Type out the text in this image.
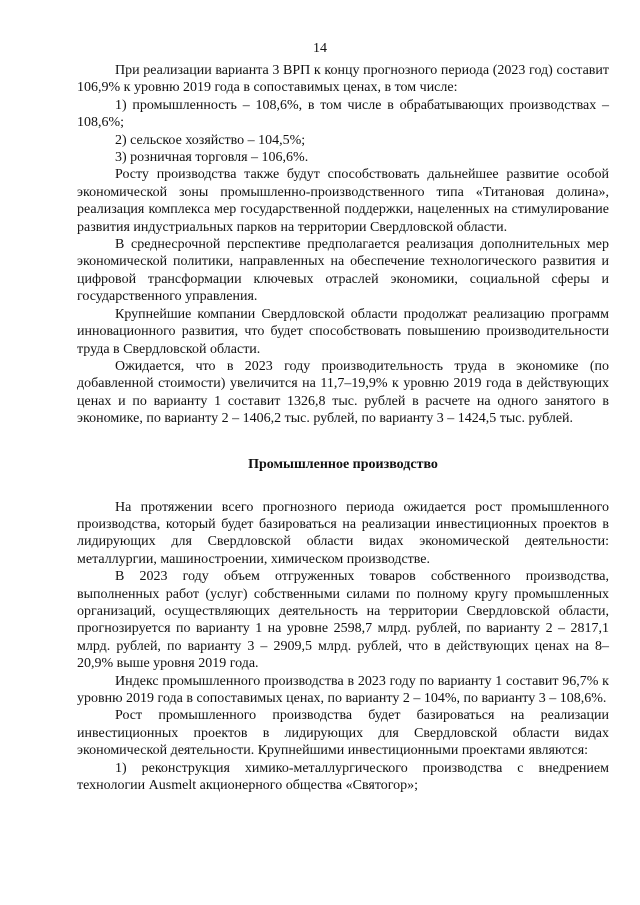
14

При реализации варианта 3 ВРП к концу прогнозного периода (2023 год) составит 106,9% к уровню 2019 года в сопоставимых ценах, в том числе:

1) промышленность – 108,6%, в том числе в обрабатывающих производствах – 108,6%;

2) сельское хозяйство – 104,5%;

3) розничная торговля – 106,6%.

Росту производства также будут способствовать дальнейшее развитие особой экономической зоны промышленно-производственного типа «Титановая долина», реализация комплекса мер государственной поддержки, нацеленных на стимулирование развития индустриальных парков на территории Свердловской области.

В среднесрочной перспективе предполагается реализация дополнительных мер экономической политики, направленных на обеспечение технологического развития и цифровой трансформации ключевых отраслей экономики, социальной сферы и государственного управления.

Крупнейшие компании Свердловской области продолжат реализацию программ инновационного развития, что будет способствовать повышению производительности труда в Свердловской области.

Ожидается, что в 2023 году производительность труда в экономике (по добавленной стоимости) увеличится на 11,7–19,9% к уровню 2019 года в действующих ценах и по варианту 1 составит 1326,8 тыс. рублей в расчете на одного занятого в экономике, по варианту 2 – 1406,2 тыс. рублей, по варианту 3 – 1424,5 тыс. рублей.

Промышленное производство

На протяжении всего прогнозного периода ожидается рост промышленного производства, который будет базироваться на реализации инвестиционных проектов в лидирующих для Свердловской области видах экономической деятельности: металлургии, машиностроении, химическом производстве.

В 2023 году объем отгруженных товаров собственного производства, выполненных работ (услуг) собственными силами по полному кругу промышленных организаций, осуществляющих деятельность на территории Свердловской области, прогнозируется по варианту 1 на уровне 2598,7 млрд. рублей, по варианту 2 – 2817,1 млрд. рублей, по варианту 3 – 2909,5 млрд. рублей, что в действующих ценах на 8–20,9% выше уровня 2019 года.

Индекс промышленного производства в 2023 году по варианту 1 составит 96,7% к уровню 2019 года в сопоставимых ценах, по варианту 2 – 104%, по варианту 3 – 108,6%.

Рост промышленного производства будет базироваться на реализации инвестиционных проектов в лидирующих для Свердловской области видах экономической деятельности. Крупнейшими инвестиционными проектами являются:

1) реконструкция химико-металлургического производства с внедрением технологии Ausmelt акционерного общества «Святогор»;
